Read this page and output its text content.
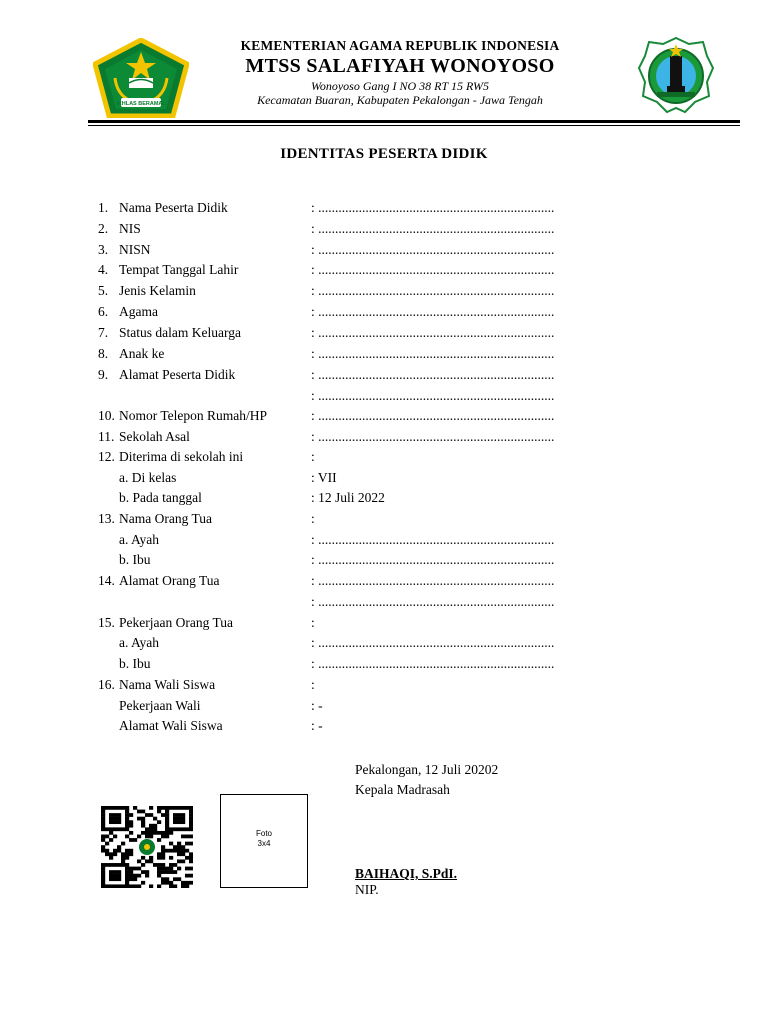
IKHLAS BERAMAL
KEMENTERIAN AGAMA REPUBLIK INDONESIA
MTSS SALAFIYAH WONOYOSO
Wonoyoso Gang I NO 38 RT 15 RW5
Kecamatan Buaran, Kabupaten Pekalongan - Jawa Tengah
IDENTITAS PESERTA DIDIK
1. Nama Peserta Didik	: ......................................................................
2. NIS	: ......................................................................
3. NISN	: ......................................................................
4. Tempat Tanggal Lahir	: ......................................................................
5. Jenis Kelamin	: ......................................................................
6. Agama	: ......................................................................
7. Status dalam Keluarga	: ......................................................................
8. Anak ke	: ......................................................................
9. Alamat Peserta Didik	: ......................................................................
: ......................................................................
10. Nomor Telepon Rumah/HP	: ......................................................................
11. Sekolah Asal	: ......................................................................
12. Diterima di sekolah ini	:
a. Di kelas	: VII
b. Pada tanggal	: 12 Juli 2022
13. Nama Orang Tua	:
a. Ayah	: ......................................................................
b. Ibu	: ......................................................................
14. Alamat Orang Tua	: ......................................................................
: ......................................................................
15. Pekerjaan Orang Tua	:
a. Ayah	: ......................................................................
b. Ibu	: ......................................................................
16. Nama Wali Siswa	:
Pekerjaan Wali	: -
Alamat Wali Siswa	: -
Pekalongan, 12 Juli 20202
Kepala Madrasah
BAIHAQI, S.PdI.
NIP.
Foto
3x4
